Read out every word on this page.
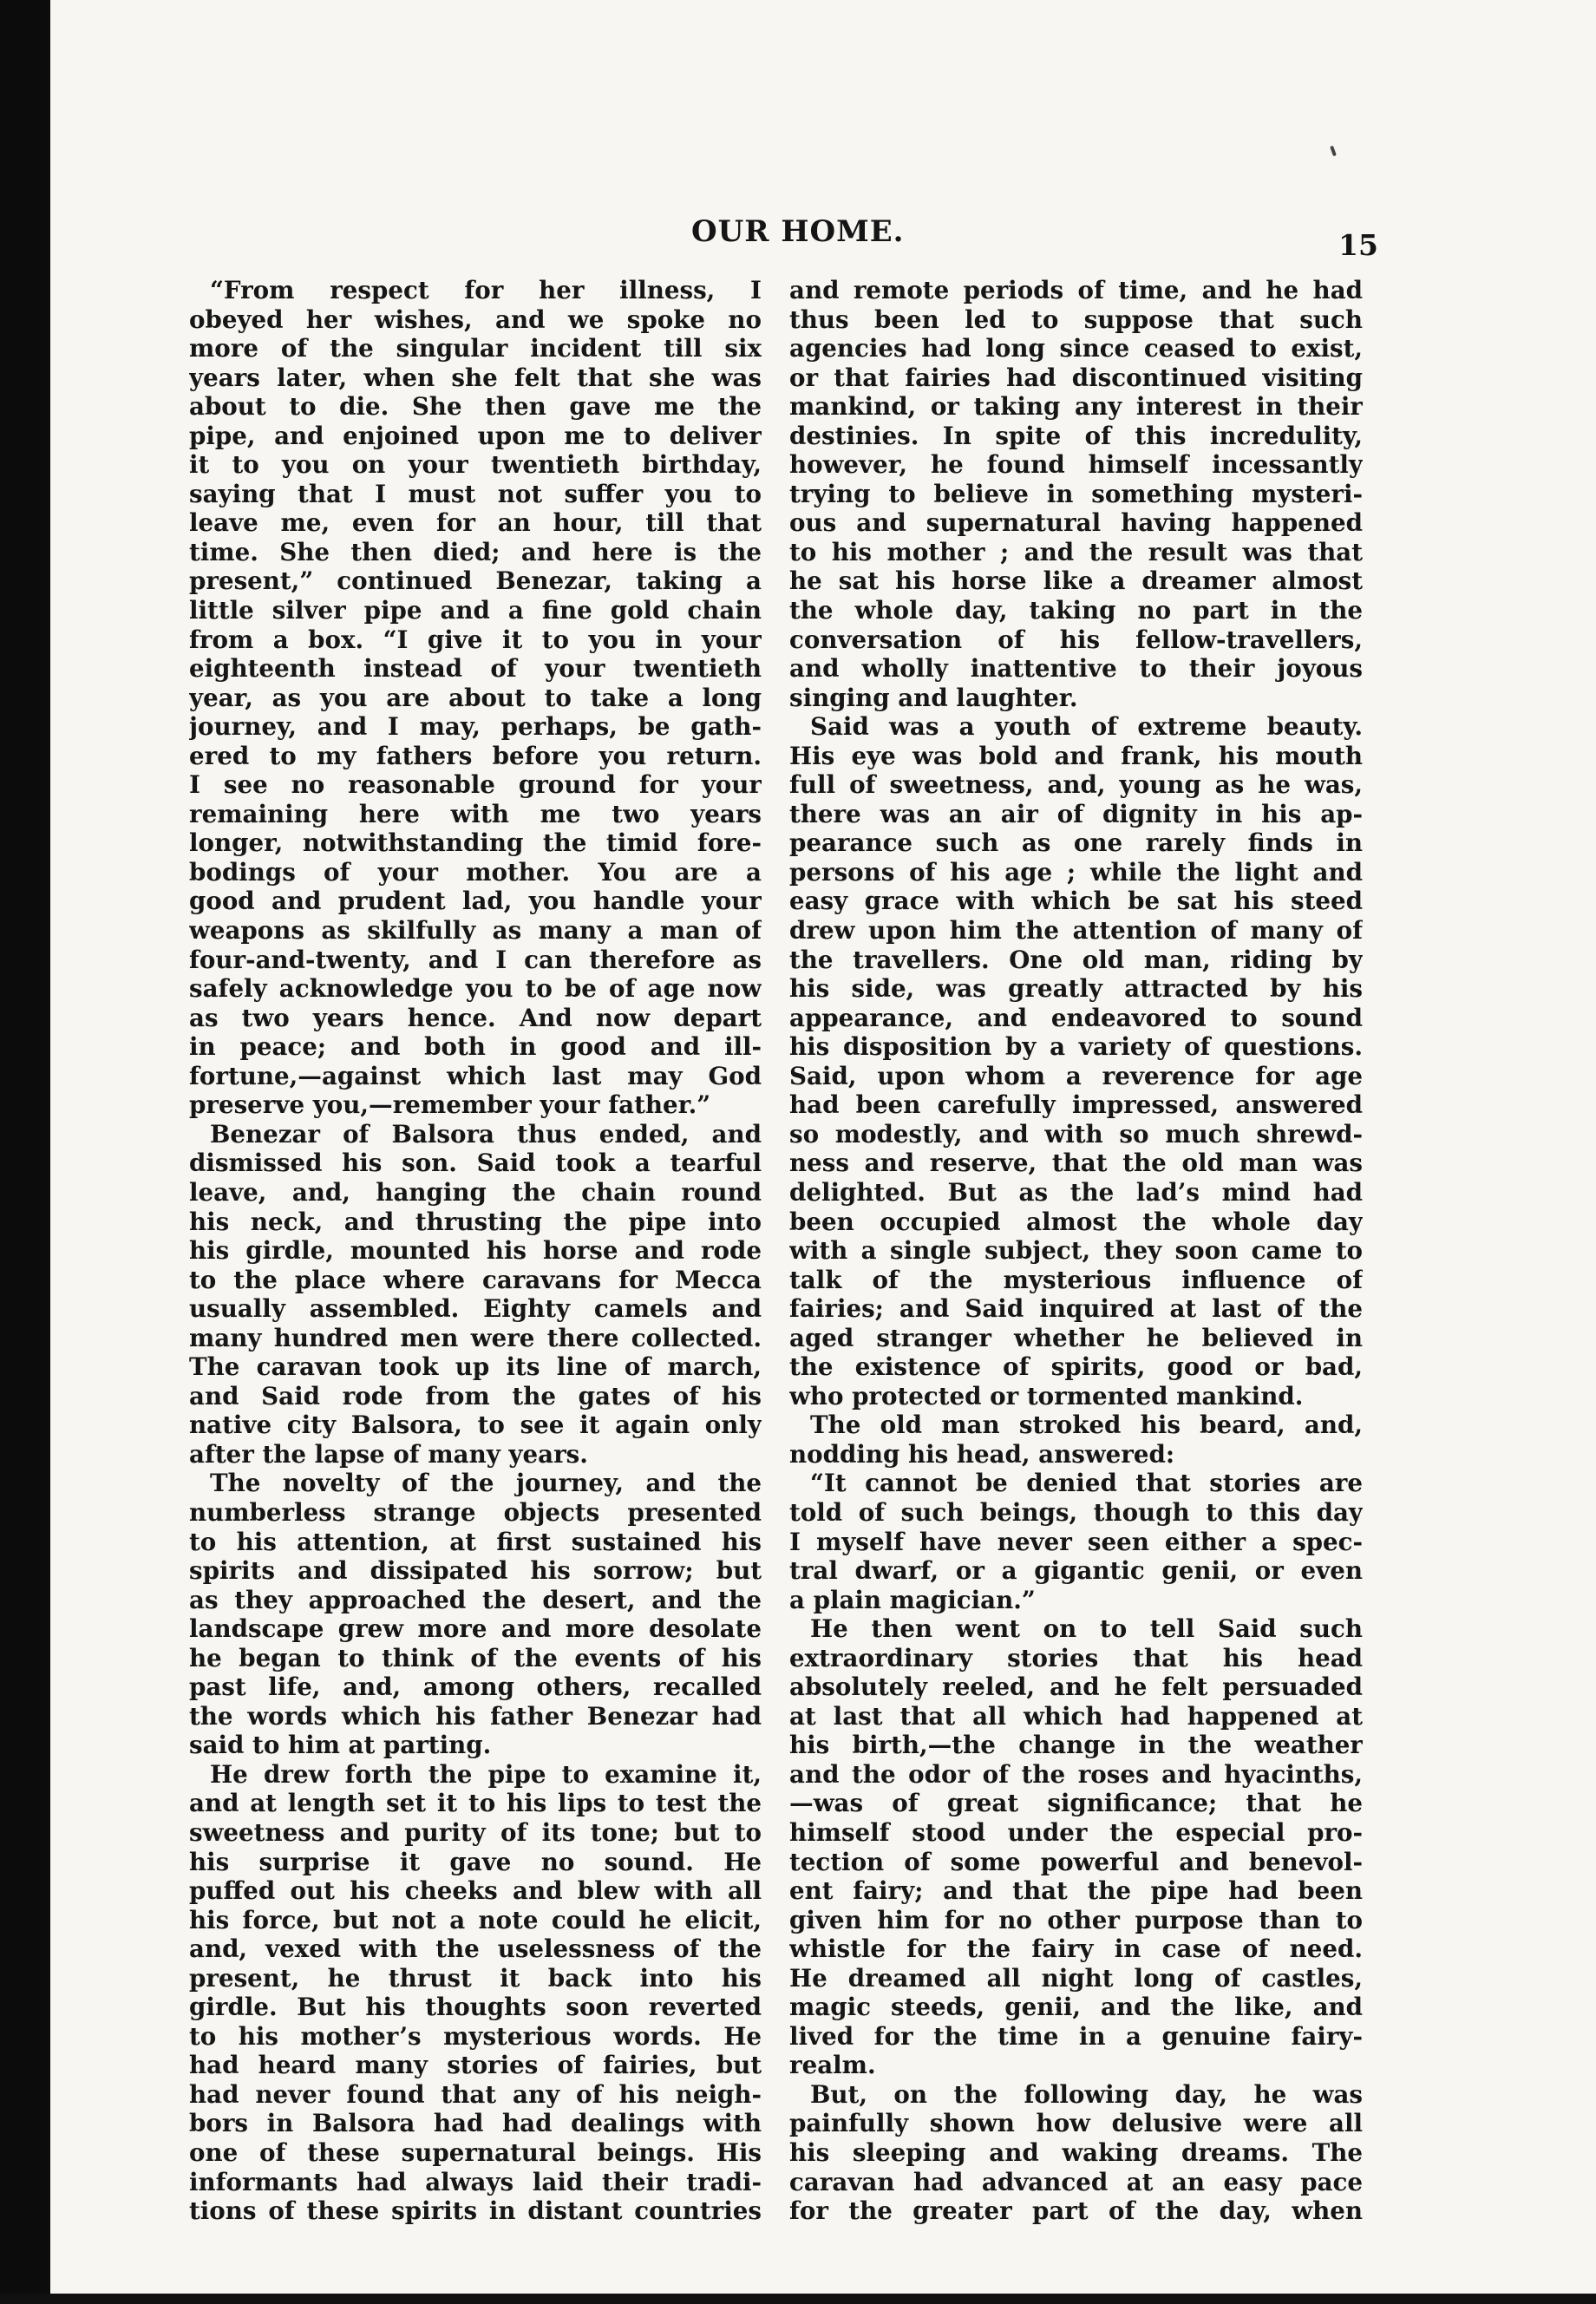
OUR HOME.	15
“From respect for her illness, I
obeyed her wishes, and we spoke no
more of the singular incident till six
years later, when she felt that she was
about to die. She then gave me the
pipe, and enjoined upon me to deliver
it to you on your twentieth birthday,
saying that I must not suffer you to
leave me, even for an hour, till that
time. She then died; and here is the
present,” continued Benezar, taking a
little silver pipe and a fine gold chain
from a box. “I give it to you in your
eighteenth instead of your twentieth
year, as you are about to take a long
journey, and I may, perhaps, be gath-
ered to my fathers before you return.
I see no reasonable ground for your
remaining here with me two years
longer, notwithstanding the timid fore-
bodings of your mother. You are a
good and prudent lad, you handle your
weapons as skilfully as many a man of
four-and-twenty, and I can therefore as
safely acknowledge you to be of age now
as two years hence. And now depart
in peace; and both in good and ill-
fortune,—against which last may God
preserve you,—remember your father.”
Benezar of Balsora thus ended, and
dismissed his son. Said took a tearful
leave, and, hanging the chain round
his neck, and thrusting the pipe into
his girdle, mounted his horse and rode
to the place where caravans for Mecca
usually assembled. Eighty camels and
many hundred men were there collected.
The caravan took up its line of march,
and Said rode from the gates of his
native city Balsora, to see it again only
after the lapse of many years.
The novelty of the journey, and the
numberless strange objects presented
to his attention, at first sustained his
spirits and dissipated his sorrow; but
as they approached the desert, and the
landscape grew more and more desolate
he began to think of the events of his
past life, and, among others, recalled
the words which his father Benezar had
said to him at parting.
He drew forth the pipe to examine it,
and at length set it to his lips to test the
sweetness and purity of its tone; but to
his surprise it gave no sound. He
puffed out his cheeks and blew with all
his force, but not a note could he elicit,
and, vexed with the uselessness of the
present, he thrust it back into his
girdle. But his thoughts soon reverted
to his mother’s mysterious words. He
had heard many stories of fairies, but
had never found that any of his neigh-
bors in Balsora had had dealings with
one of these supernatural beings. His
informants had always laid their tradi-
tions of these spirits in distant countries
and remote periods of time, and he had
thus been led to suppose that such
agencies had long since ceased to exist,
or that fairies had discontinued visiting
mankind, or taking any interest in their
destinies. In spite of this incredulity,
however, he found himself incessantly
trying to believe in something mysteri-
ous and supernatural having happened
to his mother ; and the result was that
he sat his horse like a dreamer almost
the whole day, taking no part in the
conversation of his fellow-travellers,
and wholly inattentive to their joyous
singing and laughter.
Said was a youth of extreme beauty.
His eye was bold and frank, his mouth
full of sweetness, and, young as he was,
there was an air of dignity in his ap-
pearance such as one rarely finds in
persons of his age ; while the light and
easy grace with which be sat his steed
drew upon him the attention of many of
the travellers. One old man, riding by
his side, was greatly attracted by his
appearance, and endeavored to sound
his disposition by a variety of questions.
Said, upon whom a reverence for age
had been carefully impressed, answered
so modestly, and with so much shrewd-
ness and reserve, that the old man was
delighted. But as the lad’s mind had
been occupied almost the whole day
with a single subject, they soon came to
talk of the mysterious influence of
fairies; and Said inquired at last of the
aged stranger whether he believed in
the existence of spirits, good or bad,
who protected or tormented mankind.
The old man stroked his beard, and,
nodding his head, answered:
“It cannot be denied that stories are
told of such beings, though to this day
I myself have never seen either a spec-
tral dwarf, or a gigantic genii, or even
a plain magician.”
He then went on to tell Said such
extraordinary stories that his head
absolutely reeled, and he felt persuaded
at last that all which had happened at
his birth,—the change in the weather
and the odor of the roses and hyacinths,
—was of great significance; that he
himself stood under the especial pro-
tection of some powerful and benevol-
ent fairy; and that the pipe had been
given him for no other purpose than to
whistle for the fairy in case of need.
He dreamed all night long of castles,
magic steeds, genii, and the like, and
lived for the time in a genuine fairy-
realm.
But, on the following day, he was
painfully shown how delusive were all
his sleeping and waking dreams. The
caravan had advanced at an easy pace
for the greater part of the day, when
